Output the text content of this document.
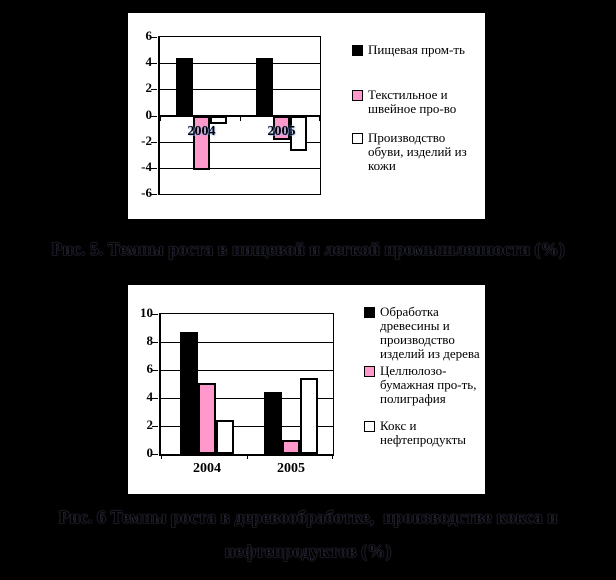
2004	2005
6
4
2
0
-2
-4
-6
Пищевая пром-ть
Текстильное и швейное про-во
Производство обуви, изделий из кожи
Рис. 5. Темпы роста в пищевой и легкой промышленности (%)
2004	2005
10
8
6
4
2
0
Обработка древесины и производство изделий из дерева
Целлюлозо-бумажная про-ть, полиграфия
Кокс и нефтепродукты
Рис. 6 Темпы роста в деревообработке,  производстве кокса и
нефтепродуктов (%)
